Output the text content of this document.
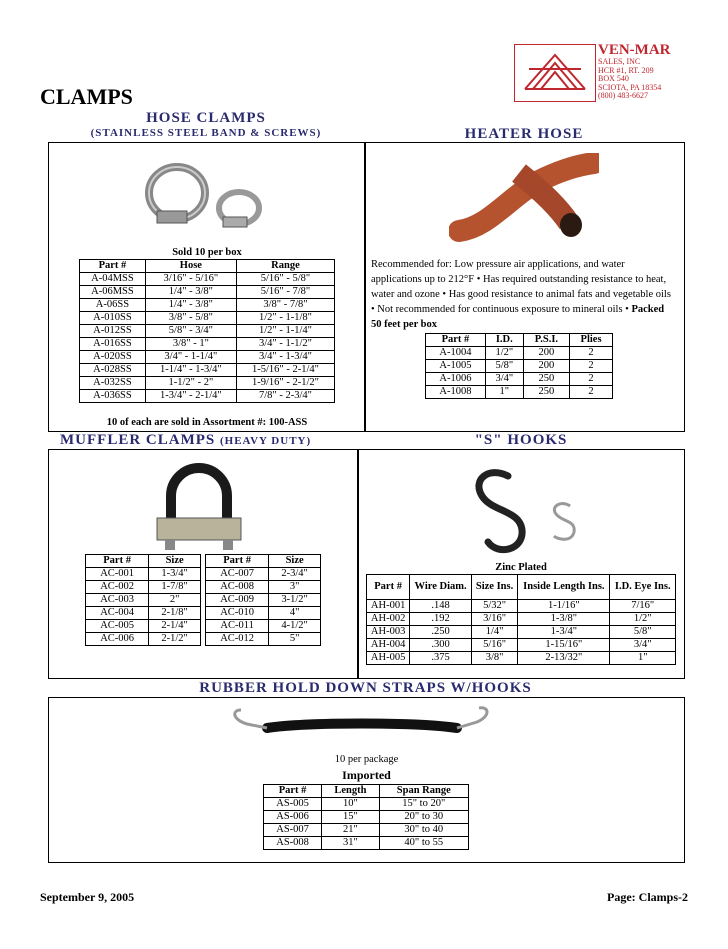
VEN-MAR
SALES, INC
HCR #1, RT. 209
BOX 540
SCIOTA, PA 18354
(800) 483-6627
CLAMPS
HOSE CLAMPS
(STAINLESS STEEL BAND & SCREWS)	HEATER HOSE
Sold 10 per box
Part #	Hose	Range
A-04MSS	3/16" - 5/16"	5/16" - 5/8"
A-06MSS	1/4" - 3/8"	5/16" - 7/8"
A-06SS	1/4" - 3/8"	3/8" - 7/8"
A-010SS	3/8" - 5/8"	1/2" - 1-1/8"
A-012SS	5/8" - 3/4"	1/2" - 1-1/4"
A-016SS	3/8" - 1"	3/4" - 1-1/2"
A-020SS	3/4" - 1-1/4"	3/4" - 1-3/4"
A-028SS	1-1/4" - 1-3/4"	1-5/16" - 2-1/4"
A-032SS	1-1/2" - 2"	1-9/16" - 2-1/2"
A-036SS	1-3/4" - 2-1/4"	7/8" - 2-3/4"
10 of each are sold in Assortment #: 100-ASS
Recommended for: Low pressure air applications, and water applications up to 212°F • Has required outstanding resistance to heat, water and ozone • Has good resistance to animal fats and vegetable oils • Not recommended for continuous exposure to mineral oils • Packed 50 feet per box
Part #	I.D.	P.S.I.	Plies
A-1004	1/2"	200	2
A-1005	5/8"	200	2
A-1006	3/4"	250	2
A-1008	1"	250	2
MUFFLER CLAMPS (HEAVY DUTY)	"S" HOOKS
Part #	Size
AC-001	1-3/4"
AC-002	1-7/8"
AC-003	2"
AC-004	2-1/8"
AC-005	2-1/4"
AC-006	2-1/2"
Part #	Size
AC-007	2-3/4"
AC-008	3"
AC-009	3-1/2"
AC-010	4"
AC-011	4-1/2"
AC-012	5"
Zinc Plated
Part #	Wire Diam.	Size Ins.	Inside Length Ins.	I.D. Eye Ins.
AH-001	.148	5/32"	1-1/16"	7/16"
AH-002	.192	3/16"	1-3/8"	1/2"
AH-003	.250	1/4"	1-3/4"	5/8"
AH-004	.300	5/16"	1-15/16"	3/4"
AH-005	.375	3/8"	2-13/32"	1"
RUBBER HOLD DOWN STRAPS W/HOOKS
10 per package
Imported
Part #	Length	Span Range
AS-005	10"	15" to 20"
AS-006	15"	20" to 30
AS-007	21"	30" to 40
AS-008	31"	40" to 55
September 9, 2005	Page: Clamps-2
